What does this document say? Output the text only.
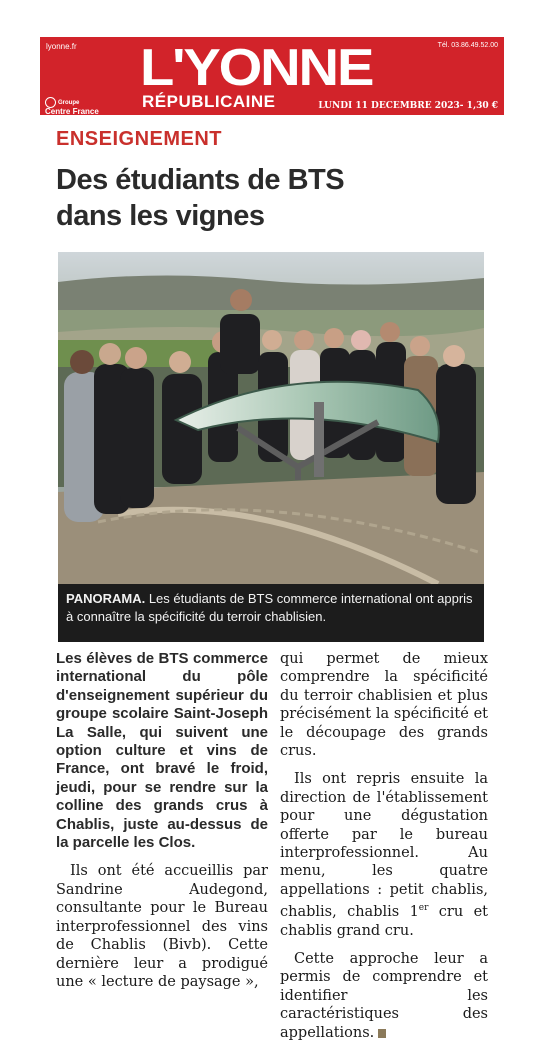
lyonne.fr	Tél. 03.86.49.52.00
L'YONNE
RÉPUBLICAINE
Groupe
Centre France
LUNDI 11 DECEMBRE 2023- 1,30 €
ENSEIGNEMENT
Des étudiants de BTS
dans les vignes
PANORAMA. Les étudiants de BTS commerce international ont appris à connaître la spécificité du terroir chablisien.

Les élèves de BTS commerce international du pôle d'enseignement supérieur du groupe scolaire Saint-Joseph La Salle, qui suivent une option culture et vins de France, ont bravé le froid, jeudi, pour se rendre sur la colline des grands crus à Chablis, juste au-dessus de la parcelle les Clos.

Ils ont été accueillis par Sandrine Audegond, consultante pour le Bureau interprofessionnel des vins de Chablis (Bivb). Cette dernière leur a prodigué une « lecture de paysage »,

qui permet de mieux comprendre la spécificité du terroir chablisien et plus précisément la spécificité et le découpage des grands crus.

Ils ont repris ensuite la direction de l'établissement pour une dégustation offerte par le bureau interprofessionnel. Au menu, les quatre appellations : petit chablis, chablis, chablis 1er cru et chablis grand cru.

Cette approche leur a permis de comprendre et identifier les caractéristiques des appellations.
